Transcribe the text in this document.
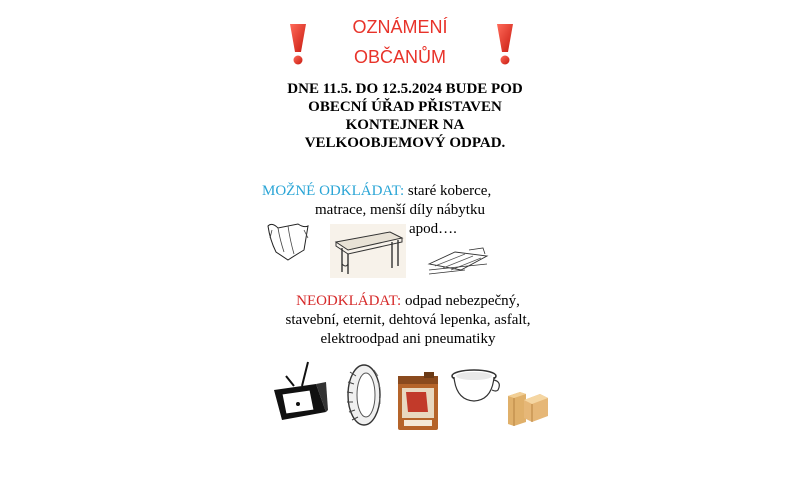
OZNÁMENÍ
OBČANŮM
DNE 11.5. DO 12.5.2024 BUDE POD
OBECNÍ ÚŘAD PŘISTAVEN
KONTEJNER NA
VELKOOBJEMOVÝ ODPAD.
MOŽNÉ ODKLÁDAT: staré koberce,
matrace, menší díly nábytku
apod….
NEODKLÁDAT: odpad nebezpečný,
stavební, eternit, dehtová lepenka, asfalt,
elektroodpad ani pneumatiky
